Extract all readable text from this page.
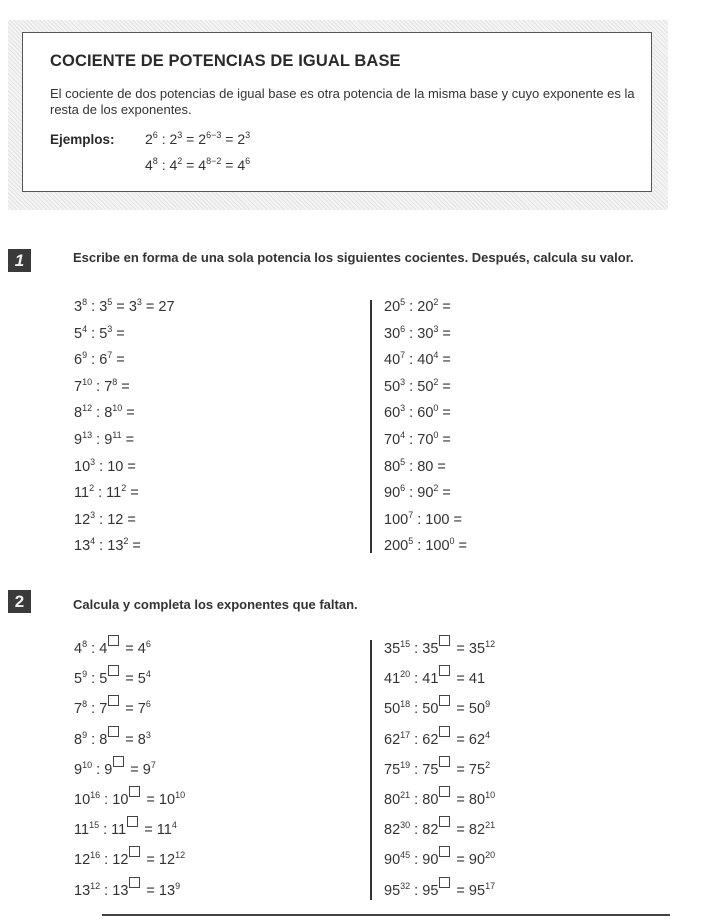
COCIENTE DE POTENCIAS DE IGUAL BASE
El cociente de dos potencias de igual base es otra potencia de la misma base y cuyo exponente es la resta de los exponentes.
Ejemplos: $2^6$ : $2^3 = 2^{6-3} = 2^3$
$4^8$ : $4^2 = 4^{8-2} = 4^6$
1	Escribe en forma de una sola potencia los siguientes cocientes. Después, calcula su valor.
$3^8$ : $3^5 = 3^3 = 27$
$5^4$ : $5^3$ =
$6^9$ : $6^7$ =
$7^{10}$ : $7^8$ =
$8^{12}$ : $8^{10}$ =
$9^{13}$ : $9^{11}$ =
$10^3$ : 10 =
$11^2$ : $11^2$ =
$12^3$ : 12 =
$13^4$ : $13^2$ =
$20^5$ : $20^2$ =
$30^6$ : $30^3$ =
$40^7$ : $40^4$ =
$50^3$ : $50^2$ =
$60^3$ : $60^0$ =
$70^4$ : $70^0$ =
$80^5$ : 80 =
$90^6$ : $90^2$ =
$100^7$ : 100 =
$200^5$ : $100^0$ =
2	Calcula y completa los exponentes que faltan.
$4^8$ : $4 = 4^6$
$5^9$ : $5 = 5^4$
$7^8$ : $7 = 7^6$
$8^9$ : $8 = 8^3$
$9^{10}$ : $9 = 9^7$
$10^{16}$ : $10 = 10^{10}$
$11^{15}$ : $11 = 11^4$
$12^{16}$ : $12 = 12^{12}$
$13^{12}$ : $13 = 13^9$
$35^{15}$ : $35 = 35^{12}$
$41^{20}$ : 41 = 41
$50^{18}$ : $50 = 50^9$
$62^{17}$ : $62 = 62^4$
$75^{19}$ : $75 = 75^2$
$80^{21}$ : $80 = 80^{10}$
$82^{30}$ : $82 = 82^{21}$
$90^{45}$ : $90 = 90^{20}$
$95^{32}$ : $95 = 95^{17}$
